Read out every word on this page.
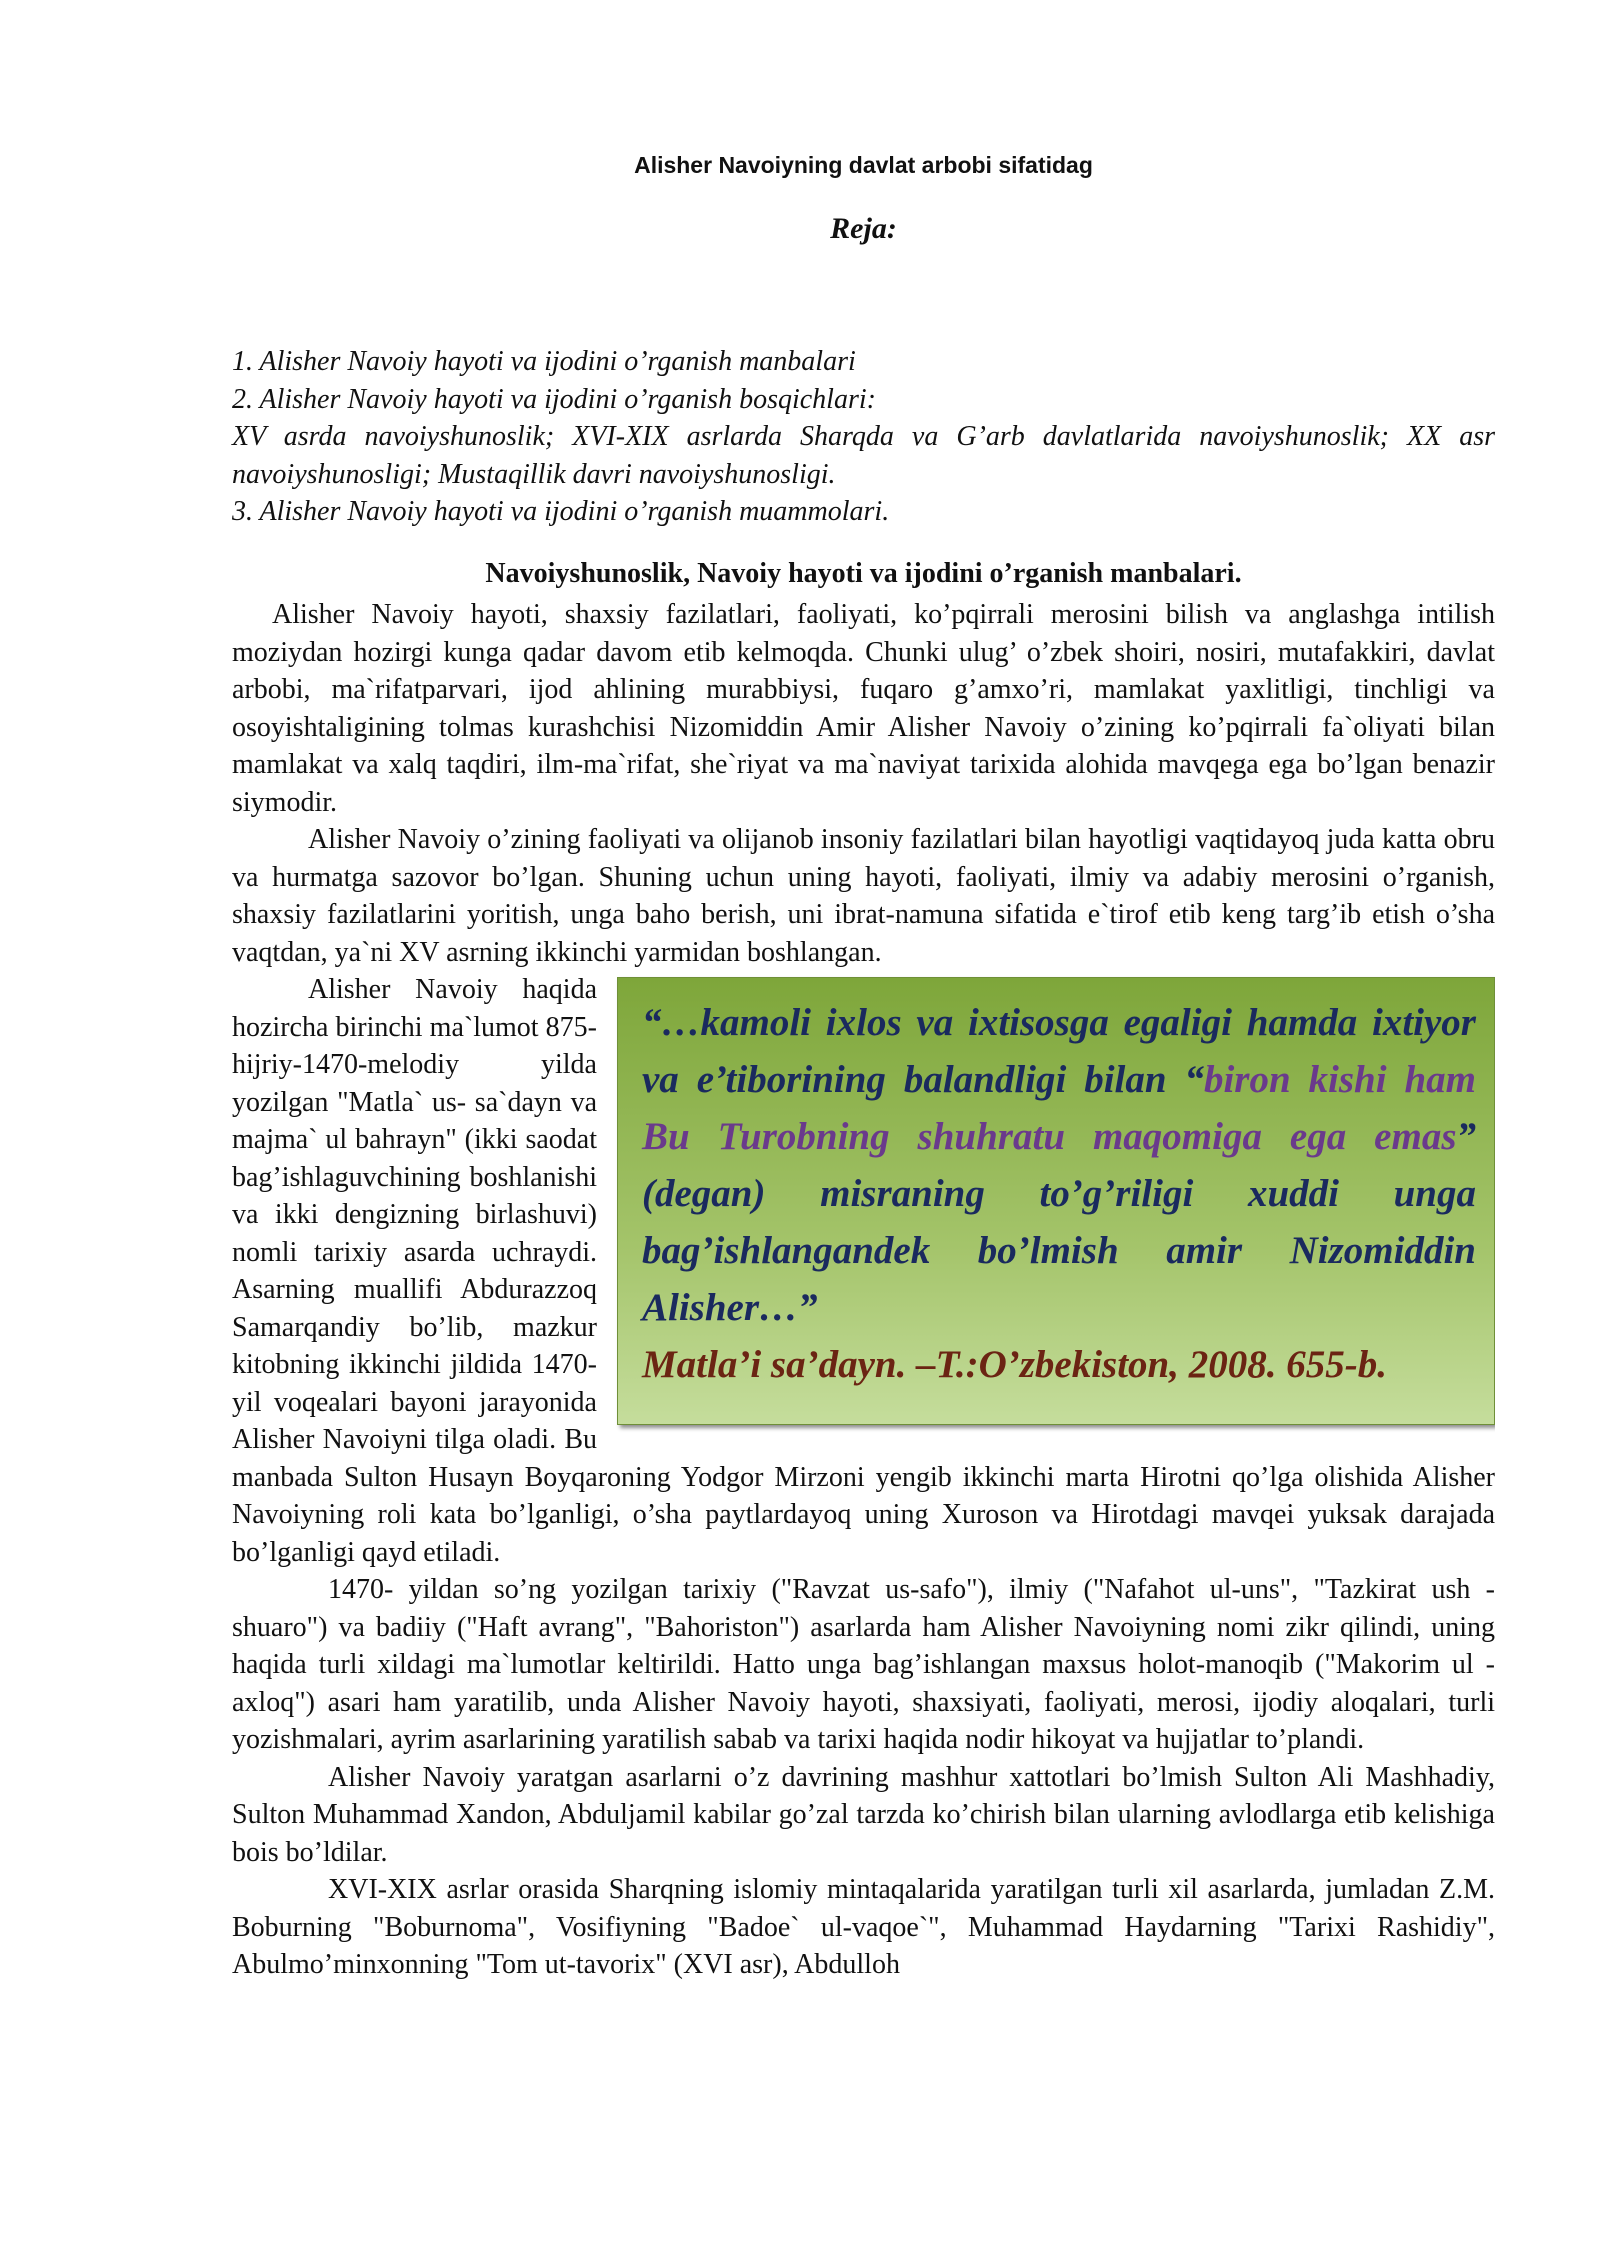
Alisher Navoiyning davlat arbobi sifatidag
Reja:

1. Alisher Navoiy hayoti va ijodini o’rganish manbalari

2. Alisher Navoiy hayoti va ijodini o’rganish bosqichlari:

XV asrda navoiyshunoslik; XVI-XIX asrlarda Sharqda va G’arb davlatlarida navoiyshunoslik; XX asr navoiyshunosligi; Mustaqillik davri navoiyshunosligi.

3. Alisher Navoiy hayoti va ijodini o’rganish muammolari.

Navoiyshunoslik, Navoiy hayoti va ijodini o’rganish manbalari.

Alisher Navoiy hayoti, shaxsiy fazilatlari, faoliyati, ko’pqirrali merosini bilish va anglashga intilish moziydan hozirgi kunga qadar davom etib kelmoqda. Chunki ulug’ o’zbek shoiri, nosiri, mutafakkiri, davlat arbobi, ma`rifatparvari, ijod ahlining murabbiysi, fuqaro g’amxo’ri, mamlakat yaxlitligi, tinchligi va osoyishtaligining tolmas kurashchisi Nizomiddin Amir Alisher Navoiy o’zining ko’pqirrali fa`oliyati bilan mamlakat va xalq taqdiri, ilm-ma`rifat, she`riyat va ma`naviyat tarixida alohida mavqega ega bo’lgan benazir siymodir.

Alisher Navoiy o’zining faoliyati va olijanob insoniy fazilatlari bilan hayotligi vaqtidayoq juda katta obru va hurmatga sazovor bo’lgan. Shuning uchun uning hayoti, faoliyati, ilmiy va adabiy merosini o’rganish, shaxsiy fazilatlarini yoritish, unga baho berish, uni ibrat-namuna sifatida e`tirof etib keng targ’ib etish o’sha vaqtdan, ya`ni XV asrning ikkinchi yarmidan boshlangan.

“…kamoli ixlos va ixtisosga egaligi hamda ixtiyor va e’tiborining balandligi bilan “biron kishi ham Bu Turobning shuhratu maqomiga ega emas” (degan) misraning to’g’riligi xuddi unga bag’ishlangandek bo’lmish amir Nizomiddin Alisher…”
Matla’i sa’dayn. –T.:O’zbekiston, 2008. 655-b.
Alisher Navoiy haqida hozircha birinchi ma`lumot 875-hijriy-1470-melodiy	yilda yozilgan "Matla` us- sa`dayn va majma` ul bahrayn" (ikki saodat bag’ishlaguvchining boshlanishi va ikki dengizning birlashuvi) nomli tarixiy asarda uchraydi. Asarning muallifi Abdurazzoq Samarqandiy bo’lib, mazkur kitobning ikkinchi jildida 1470-yil voqealari bayoni jarayonida Alisher Navoiyni tilga oladi. Bu manbada Sulton Husayn Boyqaroning Yodgor Mirzoni yengib ikkinchi marta Hirotni qo’lga olishida Alisher Navoiyning roli kata bo’lganligi, o’sha paytlardayoq uning Xuroson va Hirotdagi mavqei yuksak darajada bo’lganligi qayd etiladi.

1470- yildan so’ng yozilgan tarixiy ("Ravzat us-safo"), ilmiy ("Nafahot ul-uns", "Tazkirat ush - shuaro") va badiiy ("Haft avrang", "Bahoriston") asarlarda ham Alisher Navoiyning nomi zikr qilindi, uning haqida turli xildagi ma`lumotlar keltirildi. Hatto unga bag’ishlangan maxsus holot-manoqib ("Makorim ul -axloq") asari ham yaratilib, unda Alisher Navoiy hayoti, shaxsiyati, faoliyati, merosi, ijodiy aloqalari, turli yozishmalari, ayrim asarlarining yaratilish sabab va tarixi haqida nodir hikoyat va hujjatlar to’plandi.

Alisher Navoiy yaratgan asarlarni o’z davrining mashhur xattotlari bo’lmish Sulton Ali Mashhadiy, Sulton Muhammad Xandon, Abduljamil kabilar go’zal tarzda ko’chirish bilan ularning avlodlarga etib kelishiga bois bo’ldilar.

XVI-XIX asrlar orasida Sharqning islomiy mintaqalarida yaratilgan turli xil asarlarda, jumladan Z.M. Boburning "Boburnoma", Vosifiyning "Badoe` ul-vaqoe`", Muhammad Haydarning "Tarixi Rashidiy", Abulmo’minxonning "Tom ut-tavorix" (XVI asr), Abdulloh
